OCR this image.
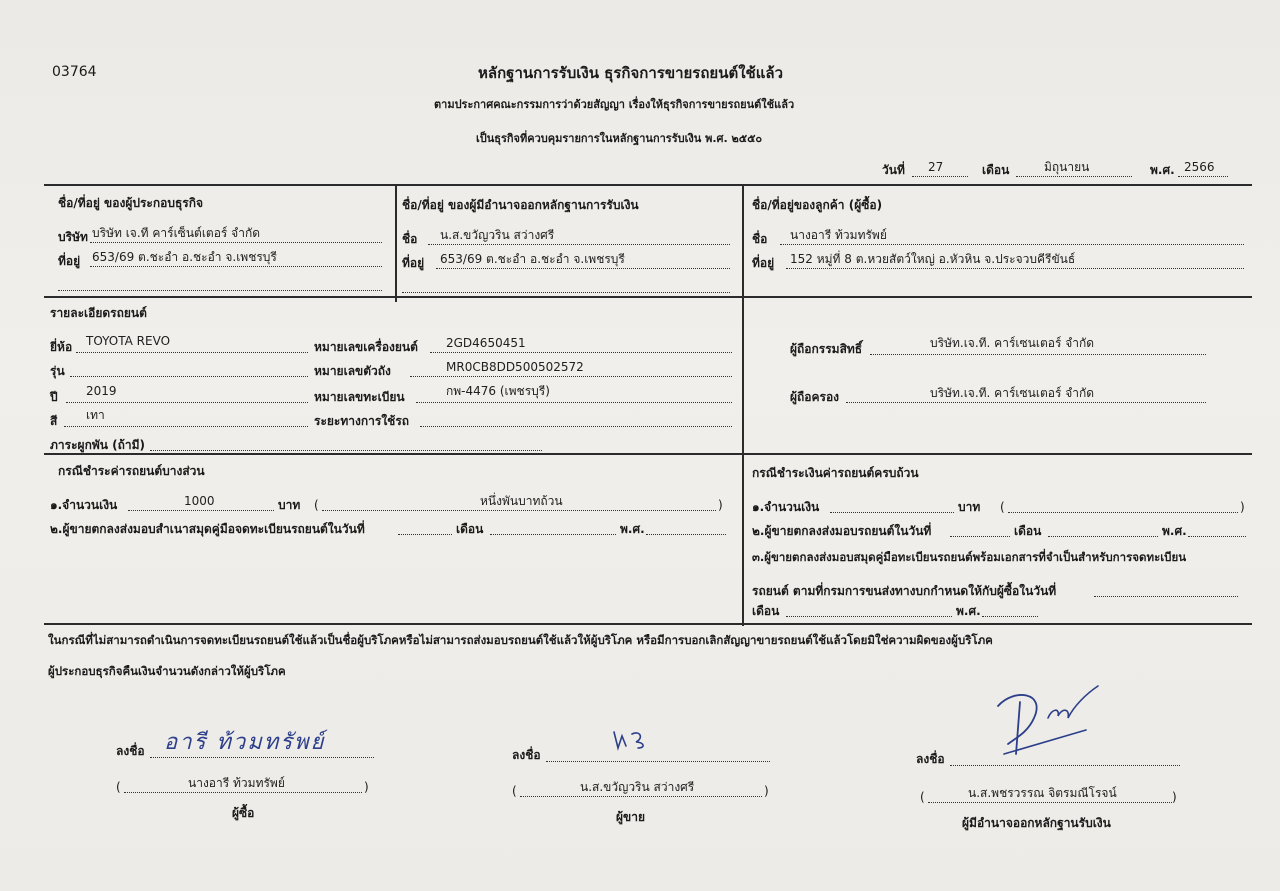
03764	หลักฐานการรับเงิน ธุรกิจการขายรถยนต์ใช้แล้ว
ตามประกาศคณะกรรมการว่าด้วยสัญญา เรื่องให้ธุรกิจการขายรถยนต์ใช้แล้ว
เป็นธุรกิจที่ควบคุมรายการในหลักฐานการรับเงิน พ.ศ. ๒๕๕๐
วันที่ 27	เดือน	มิถุนายน	พ.ศ. 2566
ชื่อ/ที่อยู่ ของผู้ประกอบธุรกิจ
บริษัท บริษัท เจ.ที คาร์เซ็นต์เตอร์ จำกัด
ที่อยู่ 653/69 ต.ชะอำ อ.ชะอำ จ.เพชรบุรี
ชื่อ/ที่อยู่ ของผู้มีอำนาจออกหลักฐานการรับเงิน
ชื่อ น.ส.ขวัญวริน สว่างศรี
ที่อยู่ 653/69 ต.ชะอำ อ.ชะอำ จ.เพชรบุรี
ชื่อ/ที่อยู่ของลูกค้า (ผู้ซื้อ)
ชื่อ นางอารี ท้วมทรัพย์
ที่อยู่ 152 หมู่ที่ 8 ต.หวยสัตว์ใหญ่ อ.หัวหิน จ.ประจวบคีรีขันธ์
รายละเอียดรถยนต์
ยี่ห้อ TOYOTA REVO	หมายเลขเครื่องยนต์ 2GD4650451
รุ่น	หมายเลขตัวถัง	MR0CB8DD500502572
ปี 2019	หมายเลขทะเบียน	กพ-4476 (เพชรบุรี)
สี เทา	ระยะทางการใช้รถ
ภาระผูกพัน (ถ้ามี)
ผู้ถือกรรมสิทธิ์	บริษัท.เจ.ที. คาร์เซนเตอร์ จำกัด
ผู้ถือครอง	บริษัท.เจ.ที. คาร์เซนเตอร์ จำกัด
กรณีชำระค่ารถยนต์บางส่วน
๑.จำนวนเงิน	1000	บาท (	หนึ่งพันบาทถ้วน	)
๒.ผู้ขายตกลงส่งมอบสำเนาสมุดคู่มือจดทะเบียนรถยนต์ในวันที่	เดือน	พ.ศ.
กรณีชำระเงินค่ารถยนต์ครบถ้วน
๑.จำนวนเงิน	บาท (	)
๒.ผู้ขายตกลงส่งมอบรถยนต์ในวันที่	เดือน	พ.ศ.
๓.ผู้ขายตกลงส่งมอบสมุดคู่มือทะเบียนรถยนต์พร้อมเอกสารที่จำเป็นสำหรับการจดทะเบียน
รถยนต์ ตามที่กรมการขนส่งทางบกกำหนดให้กับผู้ซื้อในวันที่
เดือน	พ.ศ.
ในกรณีที่ไม่สามารถดำเนินการจดทะเบียนรถยนต์ใช้แล้วเป็นชื่อผู้บริโภคหรือไม่สามารถส่งมอบรถยนต์ใช้แล้วให้ผู้บริโภค หรือมีการบอกเลิกสัญญาขายรถยนต์ใช้แล้วโดยมิใช่ความผิดของผู้บริโภค
ผู้ประกอบธุรกิจคืนเงินจำนวนดังกล่าวให้ผู้บริโภค
ลงชื่อ อารี ท้วมทรัพย์
(	นางอารี ท้วมทรัพย์	)
ผู้ซื้อ
ลงชื่อ
(	น.ส.ขวัญวริน สว่างศรี	)
ผู้ขาย
ลงชื่อ
(	น.ส.พชรวรรณ จิตรมณีโรจน์	)
ผู้มีอำนาจออกหลักฐานรับเงิน
